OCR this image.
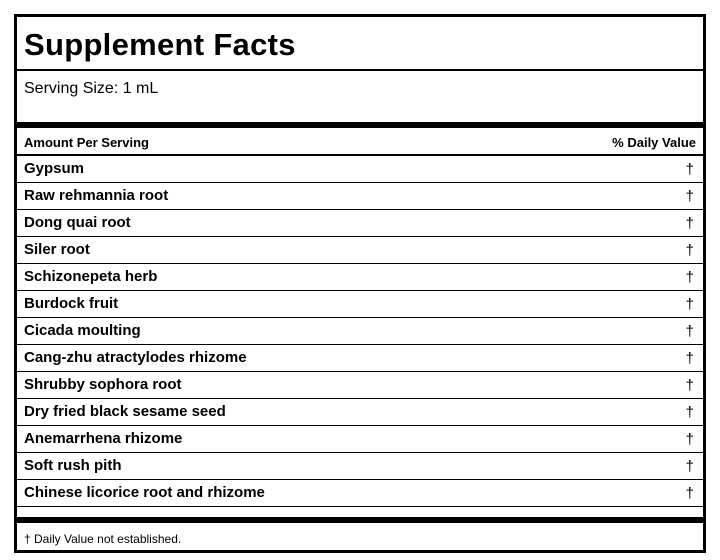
Supplement Facts
Serving Size: 1 mL
Amount Per Serving	% Daily Value
Gypsum	†
Raw rehmannia root	†
Dong quai root	†
Siler root	†
Schizonepeta herb	†
Burdock fruit	†
Cicada moulting	†
Cang-zhu atractylodes rhizome	†
Shrubby sophora root	†
Dry fried black sesame seed	†
Anemarrhena rhizome	†
Soft rush pith	†
Chinese licorice root and rhizome	†
† Daily Value not established.
